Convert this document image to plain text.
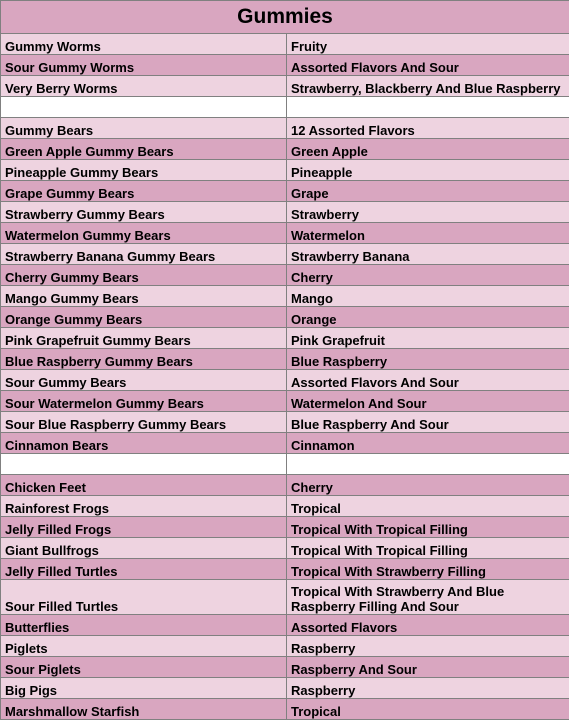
Gummies	
Gummy Worms	Fruity
Sour Gummy Worms	Assorted Flavors And Sour
Very Berry Worms	Strawberry, Blackberry And Blue Raspberry

Gummy Bears	12 Assorted Flavors
Green Apple Gummy Bears	Green Apple
Pineapple Gummy Bears	Pineapple
Grape Gummy Bears	Grape
Strawberry Gummy Bears	Strawberry
Watermelon Gummy Bears	Watermelon
Strawberry Banana Gummy Bears	Strawberry Banana
Cherry Gummy Bears	Cherry
Mango Gummy Bears	Mango
Orange Gummy Bears	Orange
Pink Grapefruit Gummy Bears	Pink Grapefruit
Blue Raspberry Gummy Bears	Blue Raspberry
Sour Gummy Bears	Assorted Flavors And Sour
Sour Watermelon Gummy Bears	Watermelon And Sour
Sour Blue Raspberry Gummy Bears	Blue Raspberry And Sour
Cinnamon Bears	Cinnamon

Chicken Feet	Cherry
Rainforest Frogs	Tropical
Jelly Filled Frogs	Tropical With Tropical Filling
Giant Bullfrogs	Tropical With Tropical Filling
Jelly Filled Turtles	Tropical With Strawberry Filling
Sour Filled Turtles	Tropical With Strawberry And Blue Raspberry Filling And Sour
Butterflies	Assorted Flavors
Piglets	Raspberry
Sour Piglets	Raspberry And Sour
Big Pigs	Raspberry
Marshmallow Starfish	Tropical
